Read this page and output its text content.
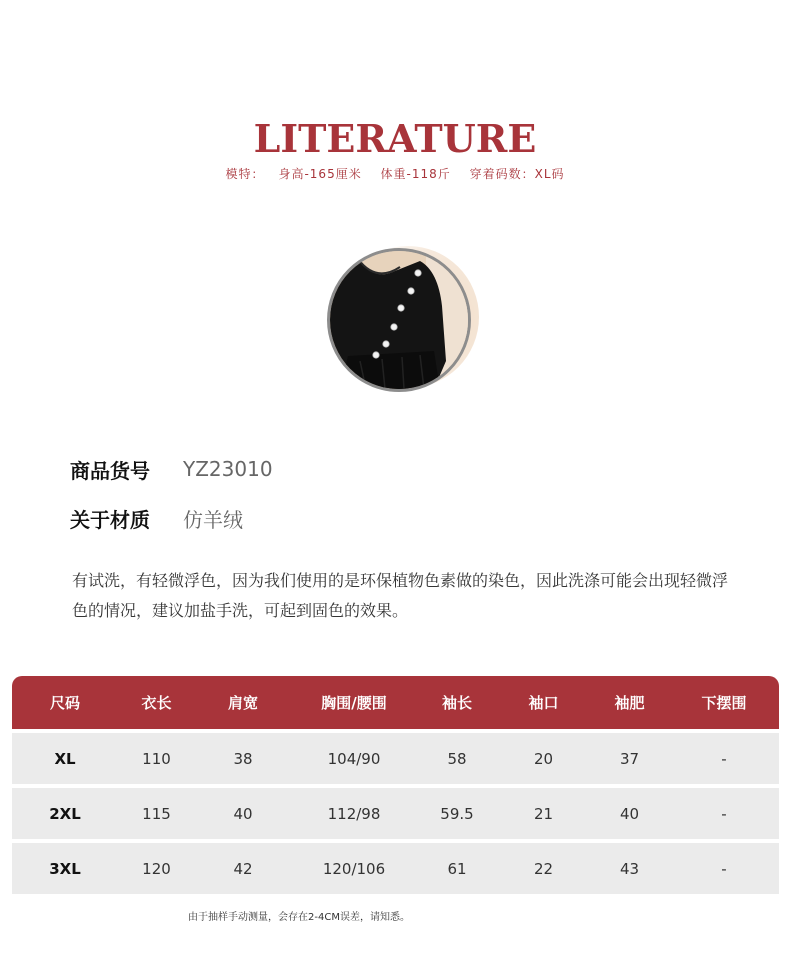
LITERATURE
模特： 身高-165厘米 体重-118斤 穿着码数：XL码
商品货号	YZ23010
关于材质	仿羊绒
有试洗，有轻微浮色，因为我们使用的是环保植物色素做的染色，因此洗涤可能会出现轻微浮色的情况，建议加盐手洗，可起到固色的效果。
尺码	衣长	肩宽	胸围/腰围	袖长	袖口	袖肥	下摆围
XL	110	38	104/90	58	20	37	-
2XL	115	40	112/98	59.5	21	40	-
3XL	120	42	120/106	61	22	43	-
由于抽样手动测量，会存在2-4CM误差，请知悉。
